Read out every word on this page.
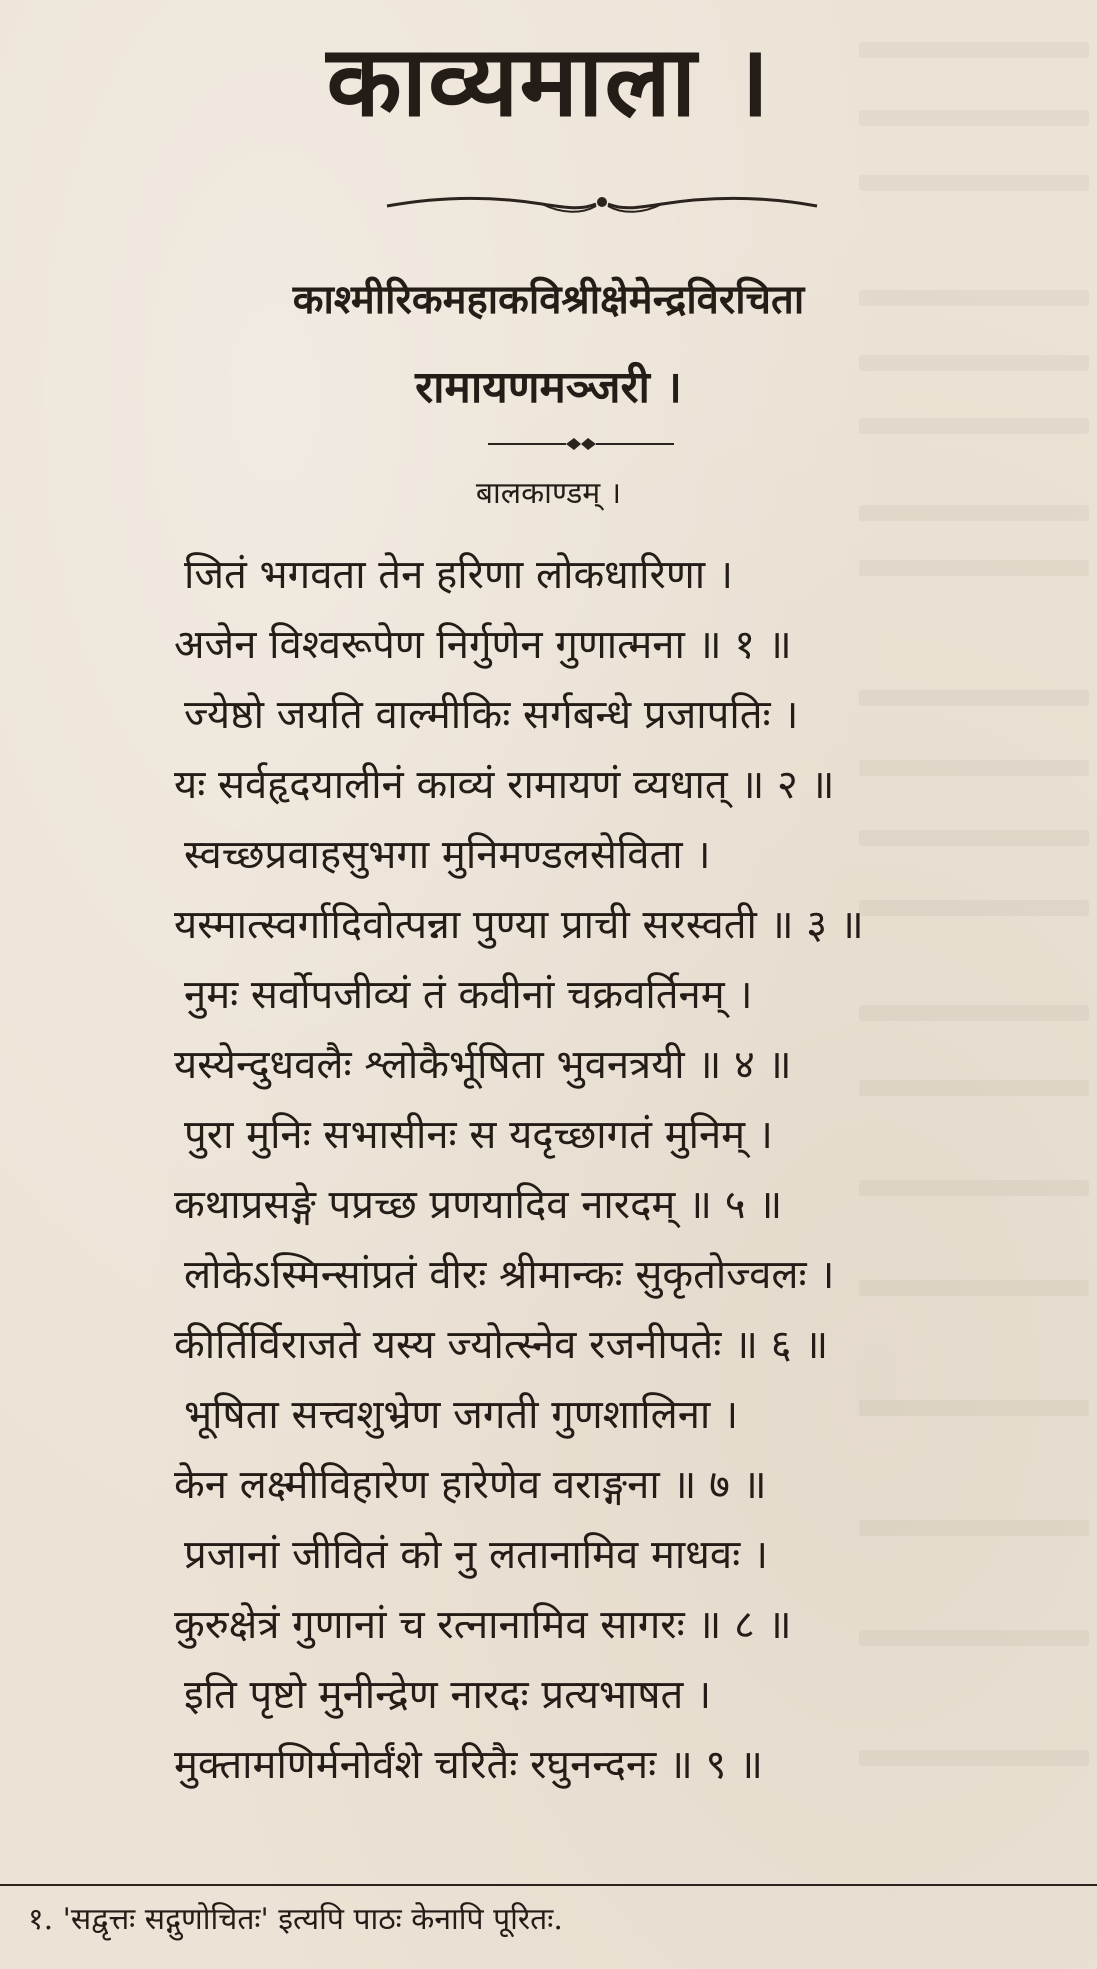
काव्यमाला ।
काश्मीरिकमहाकविश्रीक्षेमेन्द्रविरचिता
रामायणमञ्जरी ।
बालकाण्डम् ।
जितं भगवता तेन हरिणा लोकधारिणा ।
अजेन विश्वरूपेण निर्गुणेन गुणात्मना ॥ १ ॥
ज्येष्ठो जयति वाल्मीकिः सर्गबन्धे प्रजापतिः ।
यः सर्वहृदयालीनं काव्यं रामायणं व्यधात् ॥ २ ॥
स्वच्छप्रवाहसुभगा मुनिमण्डलसेविता ।
यस्मात्स्वर्गादिवोत्पन्ना पुण्या प्राची सरस्वती ॥ ३ ॥
नुमः सर्वोपजीव्यं तं कवीनां चक्रवर्तिनम् ।
यस्येन्दुधवलैः श्लोकैर्भूषिता भुवनत्रयी ॥ ४ ॥
पुरा मुनिः सभासीनः स यदृच्छागतं मुनिम् ।
कथाप्रसङ्गे पप्रच्छ प्रणयादिव नारदम् ॥ ५ ॥
लोकेऽस्मिन्सांप्रतं वीरः श्रीमान्कः सुकृतोज्वलः ।
कीर्तिर्विराजते यस्य ज्योत्स्नेव रजनीपतेः ॥ ६ ॥
भूषिता सत्त्वशुभ्रेण जगती गुणशालिना ।
केन लक्ष्मीविहारेण हारेणेव वराङ्गना ॥ ७ ॥
प्रजानां जीवितं को नु लतानामिव माधवः ।
कुरुक्षेत्रं गुणानां च रत्नानामिव सागरः ॥ ८ ॥
इति पृष्टो मुनीन्द्रेण नारदः प्रत्यभाषत ।
मुक्तामणिर्मनोर्वंशे चरितैः रघुनन्दनः ॥ ९ ॥
१. 'सद्वृत्तः सद्गुणोचितः' इत्यपि पाठः केनापि पूरितः.
